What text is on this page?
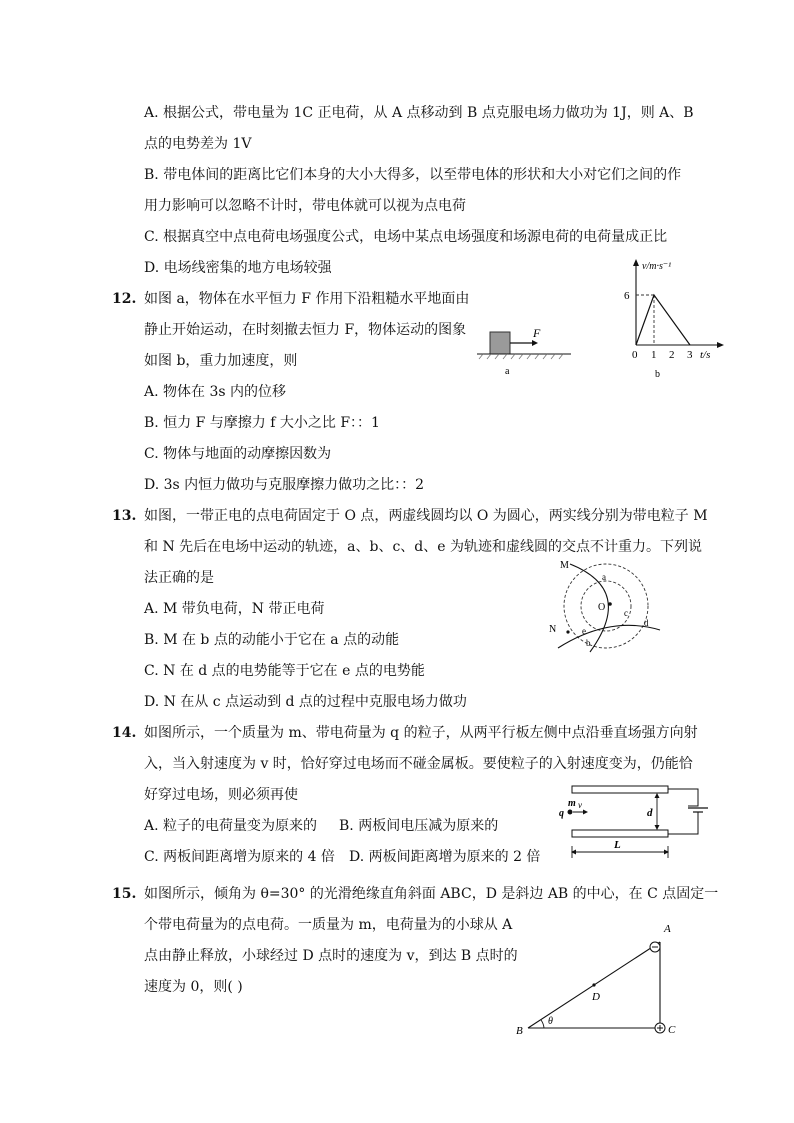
A. 根据公式，带电量为 1C 正电荷，从 A 点移动到 B 点克服电场力做功为 1J，则 A、B
点的电势差为 1V
B. 带电体间的距离比它们本身的大小大得多，以至带电体的形状和大小对它们之间的作
用力影响可以忽略不计时，带电体就可以视为点电荷
C. 根据真空中点电荷电场强度公式，电场中某点电场强度和场源电荷的电荷量成正比
D. 电场线密集的地方电场较强
12. 如图 a，物体在水平恒力 F 作用下沿粗糙水平地面由
静止开始运动，在时刻撤去恒力 F，物体运动的图象
如图 b，重力加速度，则
A. 物体在 3s 内的位移
B. 恒力 F 与摩擦力 f 大小之比 F：：1
C. 物体与地面的动摩擦因数为
D. 3s 内恒力做功与克服摩擦力做功之比：：2
F
a
v/m·s⁻¹
6
0 1 2 3 t/s
b
13. 如图，一带正电的点电荷固定于 O 点，两虚线圆均以 O 为圆心，两实线分别为带电粒子 M
和 N 先后在电场中运动的轨迹，a、b、c、d、e 为轨迹和虚线圆的交点不计重力。下列说
法正确的是
A. M 带负电荷，N 带正电荷
B. M 在 b 点的动能小于它在 a 点的动能
C. N 在 d 点的电势能等于它在 e 点的电势能
D. N 在从 c 点运动到 d 点的过程中克服电场力做功
O
M
N
a
b
c
d
e
14. 如图所示，一个质量为 m、带电荷量为 q 的粒子，从两平行板左侧中点沿垂直场强方向射
入，当入射速度为 v 时，恰好穿过电场而不碰金属板。要使粒子的入射速度变为，仍能恰
好穿过电场，则必须再使
A. 粒子的电荷量变为原来的 B. 两板间电压减为原来的
C. 两板间距离增为原来的 4 倍 D. 两板间距离增为原来的 2 倍
m v
q	d
L
15. 如图所示，倾角为 θ=30° 的光滑绝缘直角斜面 ABC，D 是斜边 AB 的中心，在 C 点固定一
个带电荷量为的点电荷。一质量为 m，电荷量为的小球从 A
点由静止释放，小球经过 D 点时的速度为 v，到达 B 点时的
速度为 0，则( )
θ
A
D
B	C
